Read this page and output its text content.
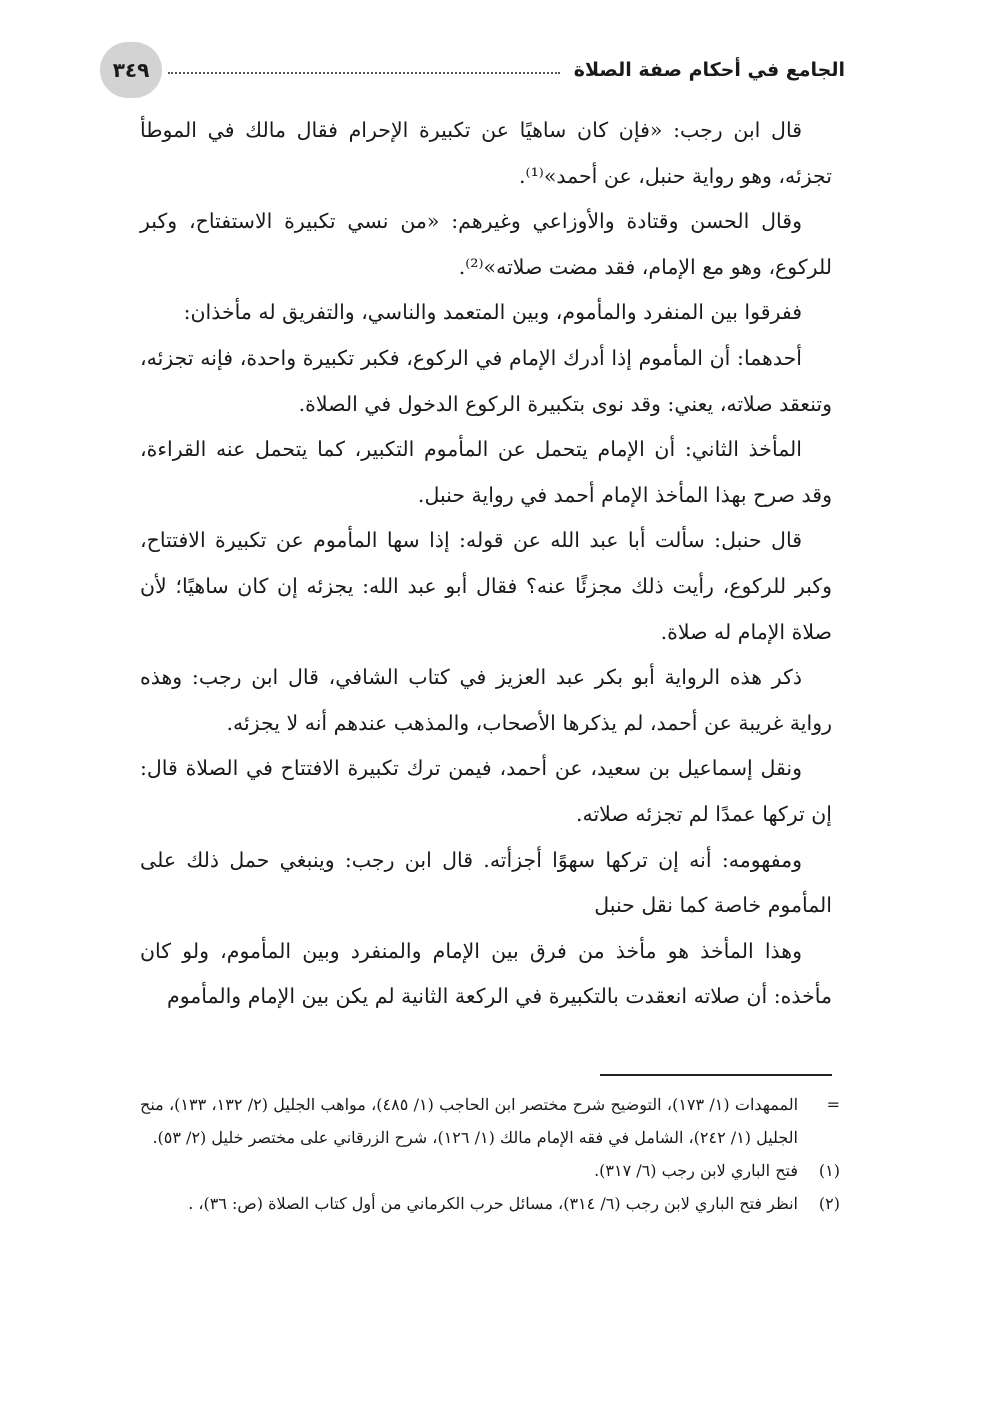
الجامع في أحكام صفة الصلاة
٣٤٩

قال ابن رجب: «فإن كان ساهيًا عن تكبيرة الإحرام فقال مالك في الموطأ تجزئه، وهو رواية حنبل، عن أحمد»⁽¹⁾.

وقال الحسن وقتادة والأوزاعي وغيرهم: «من نسي تكبيرة الاستفتاح، وكبر للركوع، وهو مع الإمام، فقد مضت صلاته»⁽²⁾.

ففرقوا بين المنفرد والمأموم، وبين المتعمد والناسي، والتفريق له مأخذان:

أحدهما: أن المأموم إذا أدرك الإمام في الركوع، فكبر تكبيرة واحدة، فإنه تجزئه، وتنعقد صلاته، يعني: وقد نوى بتكبيرة الركوع الدخول في الصلاة.

المأخذ الثاني: أن الإمام يتحمل عن المأموم التكبير، كما يتحمل عنه القراءة، وقد صرح بهذا المأخذ الإمام أحمد في رواية حنبل.

قال حنبل: سألت أبا عبد الله عن قوله: إذا سها المأموم عن تكبيرة الافتتاح، وكبر للركوع، رأيت ذلك مجزئًا عنه؟ فقال أبو عبد الله: يجزئه إن كان ساهيًا؛ لأن صلاة الإمام له صلاة.

ذكر هذه الرواية أبو بكر عبد العزيز في كتاب الشافي، قال ابن رجب: وهذه رواية غريبة عن أحمد، لم يذكرها الأصحاب، والمذهب عندهم أنه لا يجزئه.

ونقل إسماعيل بن سعيد، عن أحمد، فيمن ترك تكبيرة الافتتاح في الصلاة قال: إن تركها عمدًا لم تجزئه صلاته.

ومفهومه: أنه إن تركها سهوًا أجزأته. قال ابن رجب: وينبغي حمل ذلك على المأموم خاصة كما نقل حنبل

وهذا المأخذ هو مأخذ من فرق بين الإمام والمنفرد وبين المأموم، ولو كان مأخذه: أن صلاته انعقدت بالتكبيرة في الركعة الثانية لم يكن بين الإمام والمأموم

=
الممهدات (١/ ١٧٣)، التوضيح شرح مختصر ابن الحاجب (١/ ٤٨٥)، مواهب الجليل (٢/ ١٣٢، ١٣٣)، منح الجليل (١/ ٢٤٢)، الشامل في فقه الإمام مالك (١/ ١٢٦)، شرح الزرقاني على مختصر خليل (٢/ ٥٣).
(١)
فتح الباري لابن رجب (٦/ ٣١٧).
(٢)
انظر فتح الباري لابن رجب (٦/ ٣١٤)، مسائل حرب الكرماني من أول كتاب الصلاة (ص: ٣٦)، .
